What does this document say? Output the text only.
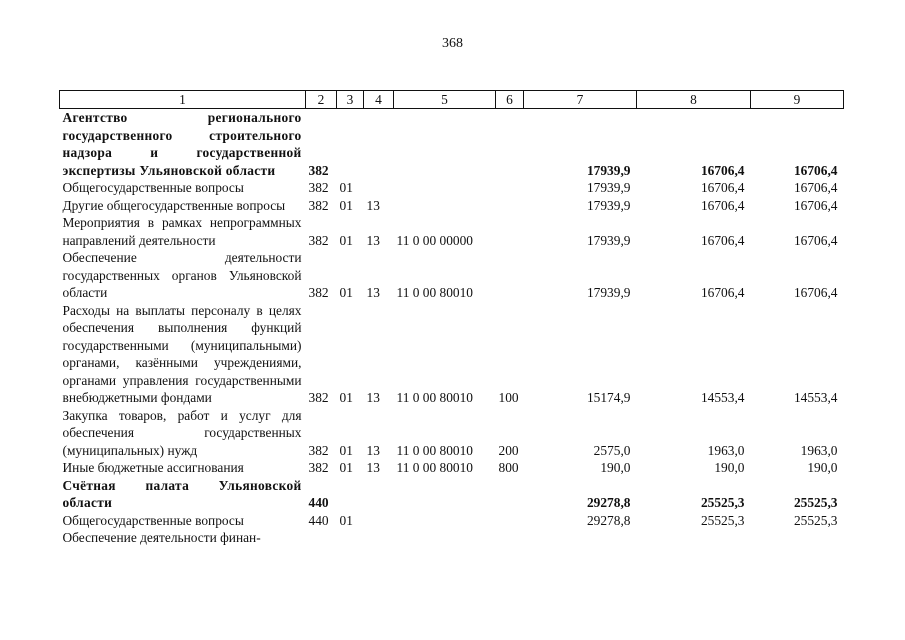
368
1	2	3	4	5	6	7	8	9
Агентство регионального государственного строительного надзора и государственной экспертизы Ульяновской области	382					17939,9	16706,4	16706,4
Общегосударственные вопросы	382	01				17939,9	16706,4	16706,4
Другие общегосударственные вопросы	382	01	13			17939,9	16706,4	16706,4
Мероприятия в рамках непрограммных направлений деятельности	382	01	13	11 0 00 00000		17939,9	16706,4	16706,4
Обеспечение деятельности государственных органов Ульяновской области	382	01	13	11 0 00 80010		17939,9	16706,4	16706,4
Расходы на выплаты персоналу в целях обеспечения выполнения функций государственными (муниципальными) органами, казёнными учреждениями, органами управления государственными внебюджетными фондами	382	01	13	11 0 00 80010	100	15174,9	14553,4	14553,4
Закупка товаров, работ и услуг для обеспечения государственных (муниципальных) нужд	382	01	13	11 0 00 80010	200	2575,0	1963,0	1963,0
Иные бюджетные ассигнования	382	01	13	11 0 00 80010	800	190,0	190,0	190,0
Счётная палата Ульяновской области	440					29278,8	25525,3	25525,3
Общегосударственные вопросы	440	01				29278,8	25525,3	25525,3
Обеспечение деятельности финан-								
